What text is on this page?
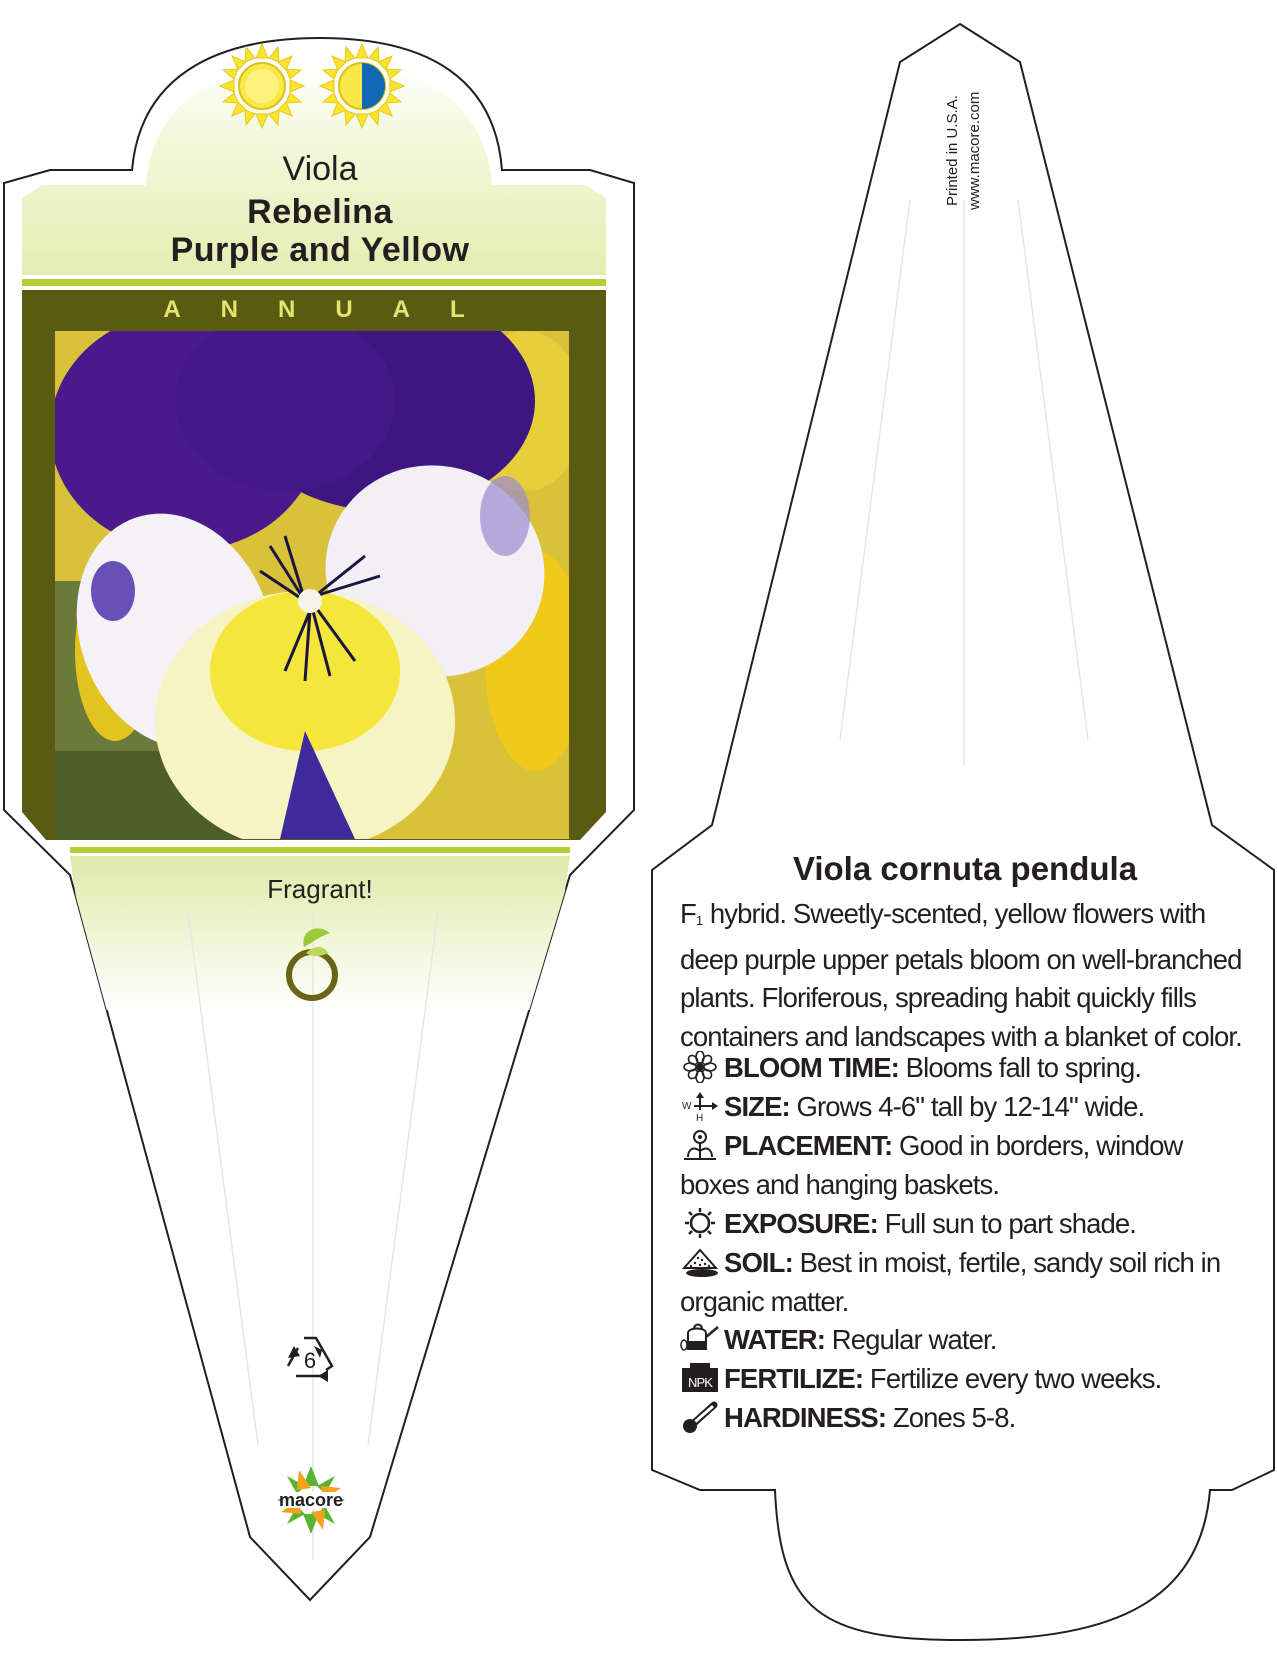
6
macore
Viola
Rebelina
Purple and Yellow
ANNUAL
Fragrant!
Printed in U.S.A. www.macore.com
Viola cornuta pendula
$F_1$ hybrid. Sweetly-scented, yellow flowers with deep purple upper petals bloom on well-branched plants. Floriferous, spreading habit quickly fills containers and landscapes with a blanket of color.
BLOOM TIME: Blooms fall to spring.
W
H SIZE: Grows 4-6" tall by 12-14" wide.
PLACEMENT: Good in borders, window boxes and hanging baskets.
EXPOSURE: Full sun to part shade.
SOIL: Best in moist, fertile, sandy soil rich in organic matter.
WATER: Regular water.
NPK FERTILIZE: Fertilize every two weeks.
HARDINESS: Zones 5-8.
